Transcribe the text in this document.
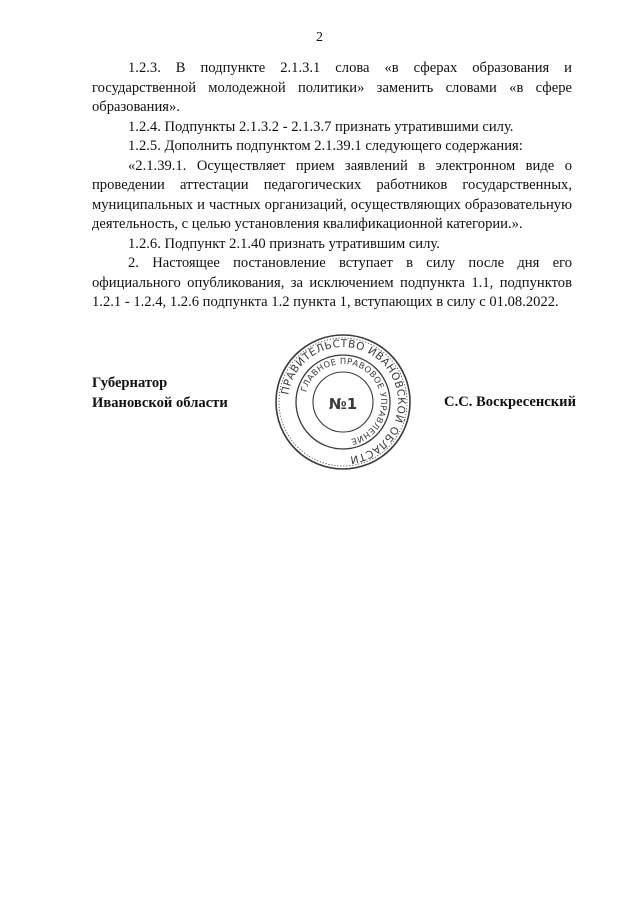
2

1.2.3. В подпункте 2.1.3.1 слова «в сферах образования и государственной молодежной политики» заменить словами «в сфере образования».

1.2.4. Подпункты 2.1.3.2 - 2.1.3.7 признать утратившими силу.

1.2.5. Дополнить подпунктом 2.1.39.1 следующего содержания:

«2.1.39.1. Осуществляет прием заявлений в электронном виде о проведении аттестации педагогических работников государственных, муниципальных и частных организаций, осуществляющих образовательную деятельность, с целью установления квалификационной категории.».

1.2.6. Подпункт 2.1.40 признать утратившим силу.

2. Настоящее постановление вступает в силу после дня его официального опубликования, за исключением подпункта 1.1, подпунктов 1.2.1 - 1.2.4, 1.2.6 подпункта 1.2 пункта 1, вступающих в силу с 01.08.2022.

Губернатор
Ивановской области
ПРАВИТЕЛЬСТВО ИВАНОВСКОЙ ОБЛАСТИ
ГЛАВНОЕ ПРАВОВОЕ УПРАВЛЕНИЕ
№1	С.С. Воскресенский
